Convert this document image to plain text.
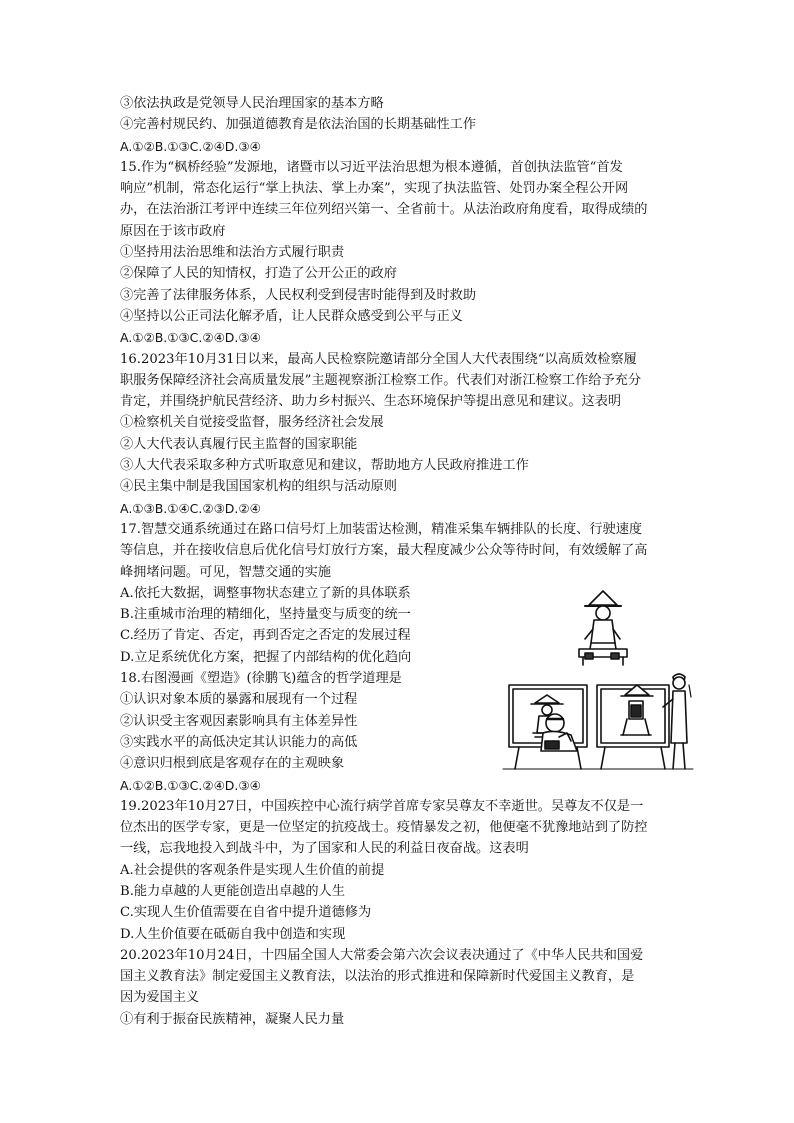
③依法执政是党领导人民治理国家的基本方略
④完善村规民约、加强道德教育是依法治国的长期基础性工作
A.①②B.①③C.②④D.③④
15.作为“枫桥经验”发源地，诸暨市以习近平法治思想为根本遵循，首创执法监管“首发
响应”机制，常态化运行“掌上执法、掌上办案”，实现了执法监管、处罚办案全程公开网
办，在法治浙江考评中连续三年位列绍兴第一、全省前十。从法治政府角度看，取得成绩的
原因在于该市政府
①坚持用法治思维和法治方式履行职责
②保障了人民的知情权，打造了公开公正的政府
③完善了法律服务体系，人民权利受到侵害时能得到及时救助
④坚持以公正司法化解矛盾，让人民群众感受到公平与正义
A.①②B.①③C.②④D.③④
16.2023年10月31日以来，最高人民检察院邀请部分全国人大代表围绕“以高质效检察履
职服务保障经济社会高质量发展”主题视察浙江检察工作。代表们对浙江检察工作给予充分
肯定，并围绕护航民营经济、助力乡村振兴、生态环境保护等提出意见和建议。这表明
①检察机关自觉接受监督，服务经济社会发展
②人大代表认真履行民主监督的国家职能
③人大代表采取多种方式听取意见和建议，帮助地方人民政府推进工作
④民主集中制是我国国家机构的组织与活动原则
A.①③B.①④C.②③D.②④
17.智慧交通系统通过在路口信号灯上加装雷达检测，精准采集车辆排队的长度、行驶速度
等信息，并在接收信息后优化信号灯放行方案，最大程度减少公众等待时间，有效缓解了高
峰拥堵问题。可见，智慧交通的实施
A.依托大数据，调整事物状态建立了新的具体联系
B.注重城市治理的精细化，坚持量变与质变的统一
C.经历了肯定、否定，再到否定之否定的发展过程
D.立足系统优化方案，把握了内部结构的优化趋向
18.右图漫画《塑造》(徐鹏飞)蕴含的哲学道理是
①认识对象本质的暴露和展现有一个过程
②认识受主客观因素影响具有主体差异性
③实践水平的高低决定其认识能力的高低
④意识归根到底是客观存在的主观映象
A.①②B.①③C.②④D.③④
19.2023年10月27日，中国疾控中心流行病学首席专家吴尊友不幸逝世。吴尊友不仅是一
位杰出的医学专家，更是一位坚定的抗疫战士。疫情暴发之初，他便毫不犹豫地站到了防控
一线，忘我地投入到战斗中，为了国家和人民的利益日夜奋战。这表明
A.社会提供的客观条件是实现人生价值的前提
B.能力卓越的人更能创造出卓越的人生
C.实现人生价值需要在自省中提升道德修为
D.人生价值要在砥砺自我中创造和实现
20.2023年10月24日，十四届全国人大常委会第六次会议表决通过了《中华人民共和国爱
国主义教育法》制定爱国主义教育法，以法治的形式推进和保障新时代爱国主义教育，是
因为爱国主义
①有利于振奋民族精神，凝聚人民力量
